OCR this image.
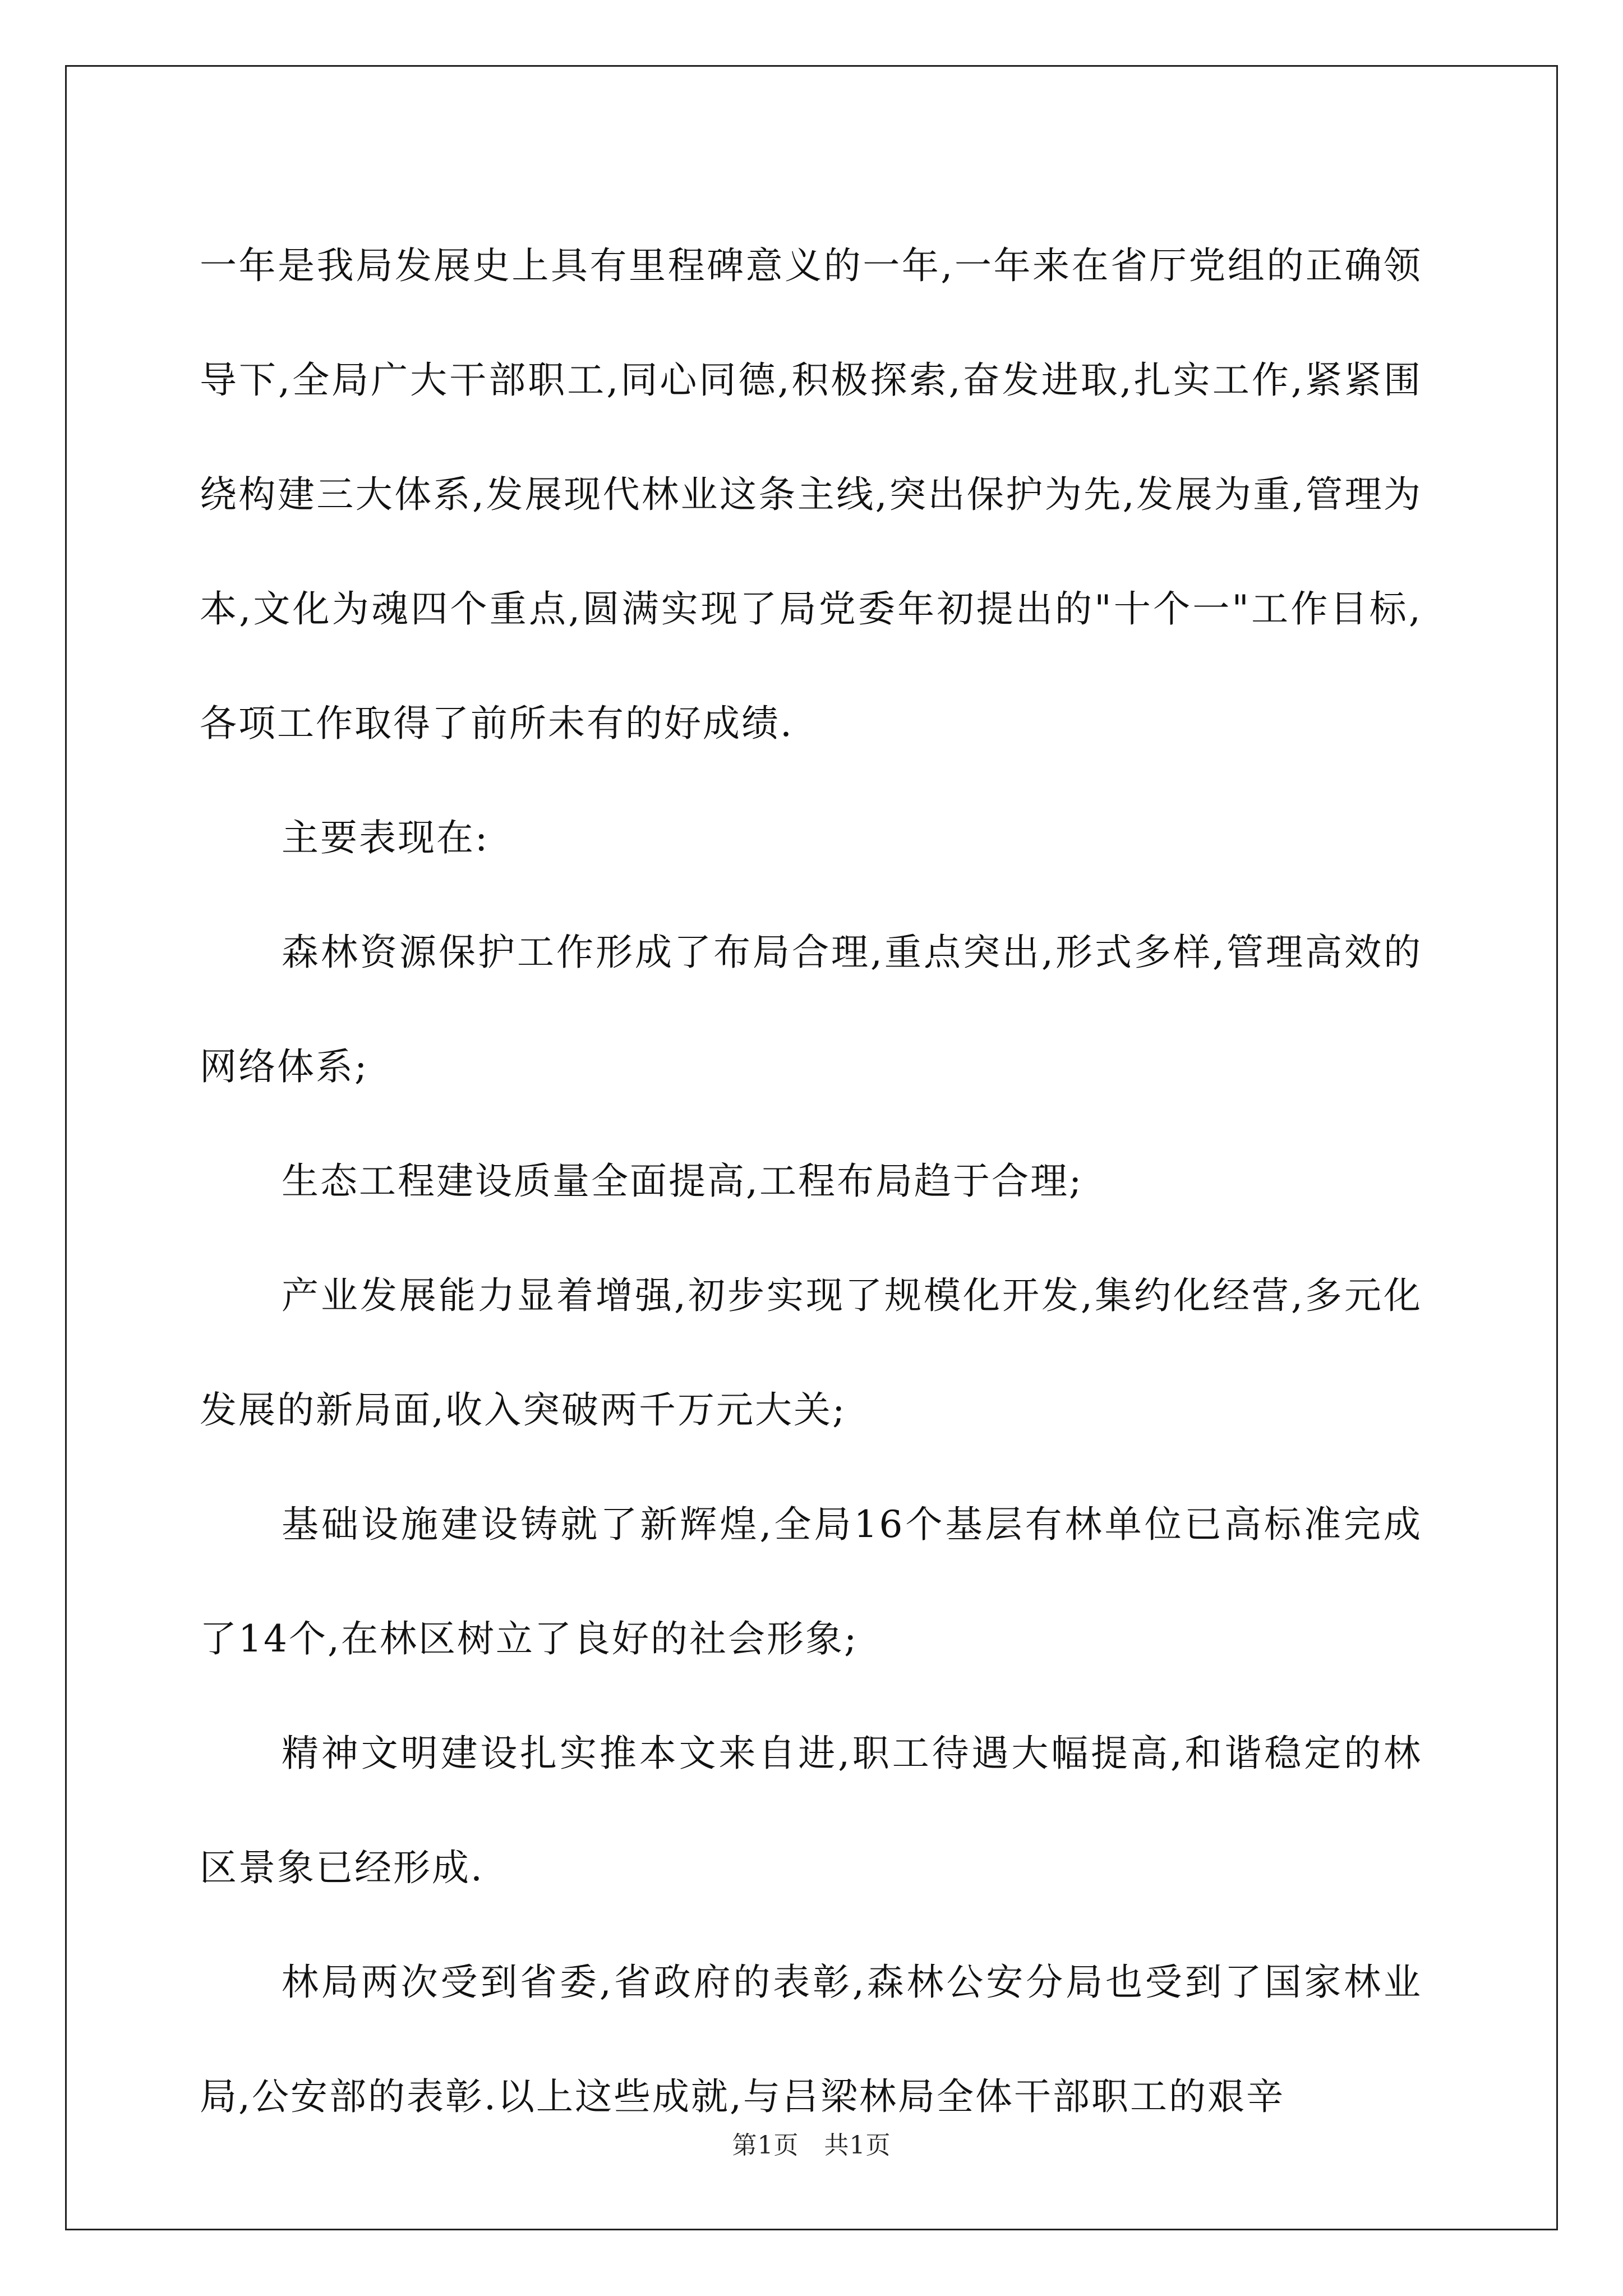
一年是我局发展史上具有里程碑意义的一年,一年来在省厅党组的正确领导下,全局广大干部职工,同心同德,积极探索,奋发进取,扎实工作,紧紧围绕构建三大体系,发展现代林业这条主线,突出保护为先,发展为重,管理为本,文化为魂四个重点,圆满实现了局党委年初提出的"十个一"工作目标,各项工作取得了前所未有的好成绩.

主要表现在:

森林资源保护工作形成了布局合理,重点突出,形式多样,管理高效的网络体系;

生态工程建设质量全面提高,工程布局趋于合理;

产业发展能力显着增强,初步实现了规模化开发,集约化经营,多元化发展的新局面,收入突破两千万元大关;

基础设施建设铸就了新辉煌,全局16个基层有林单位已高标准完成了14个,在林区树立了良好的社会形象;

精神文明建设扎实推本文来自进,职工待遇大幅提高,和谐稳定的林区景象已经形成.

林局两次受到省委,省政府的表彰,森林公安分局也受到了国家林业局,公安部的表彰.以上这些成就,与吕梁林局全体干部职工的艰辛

第1页   共1页
